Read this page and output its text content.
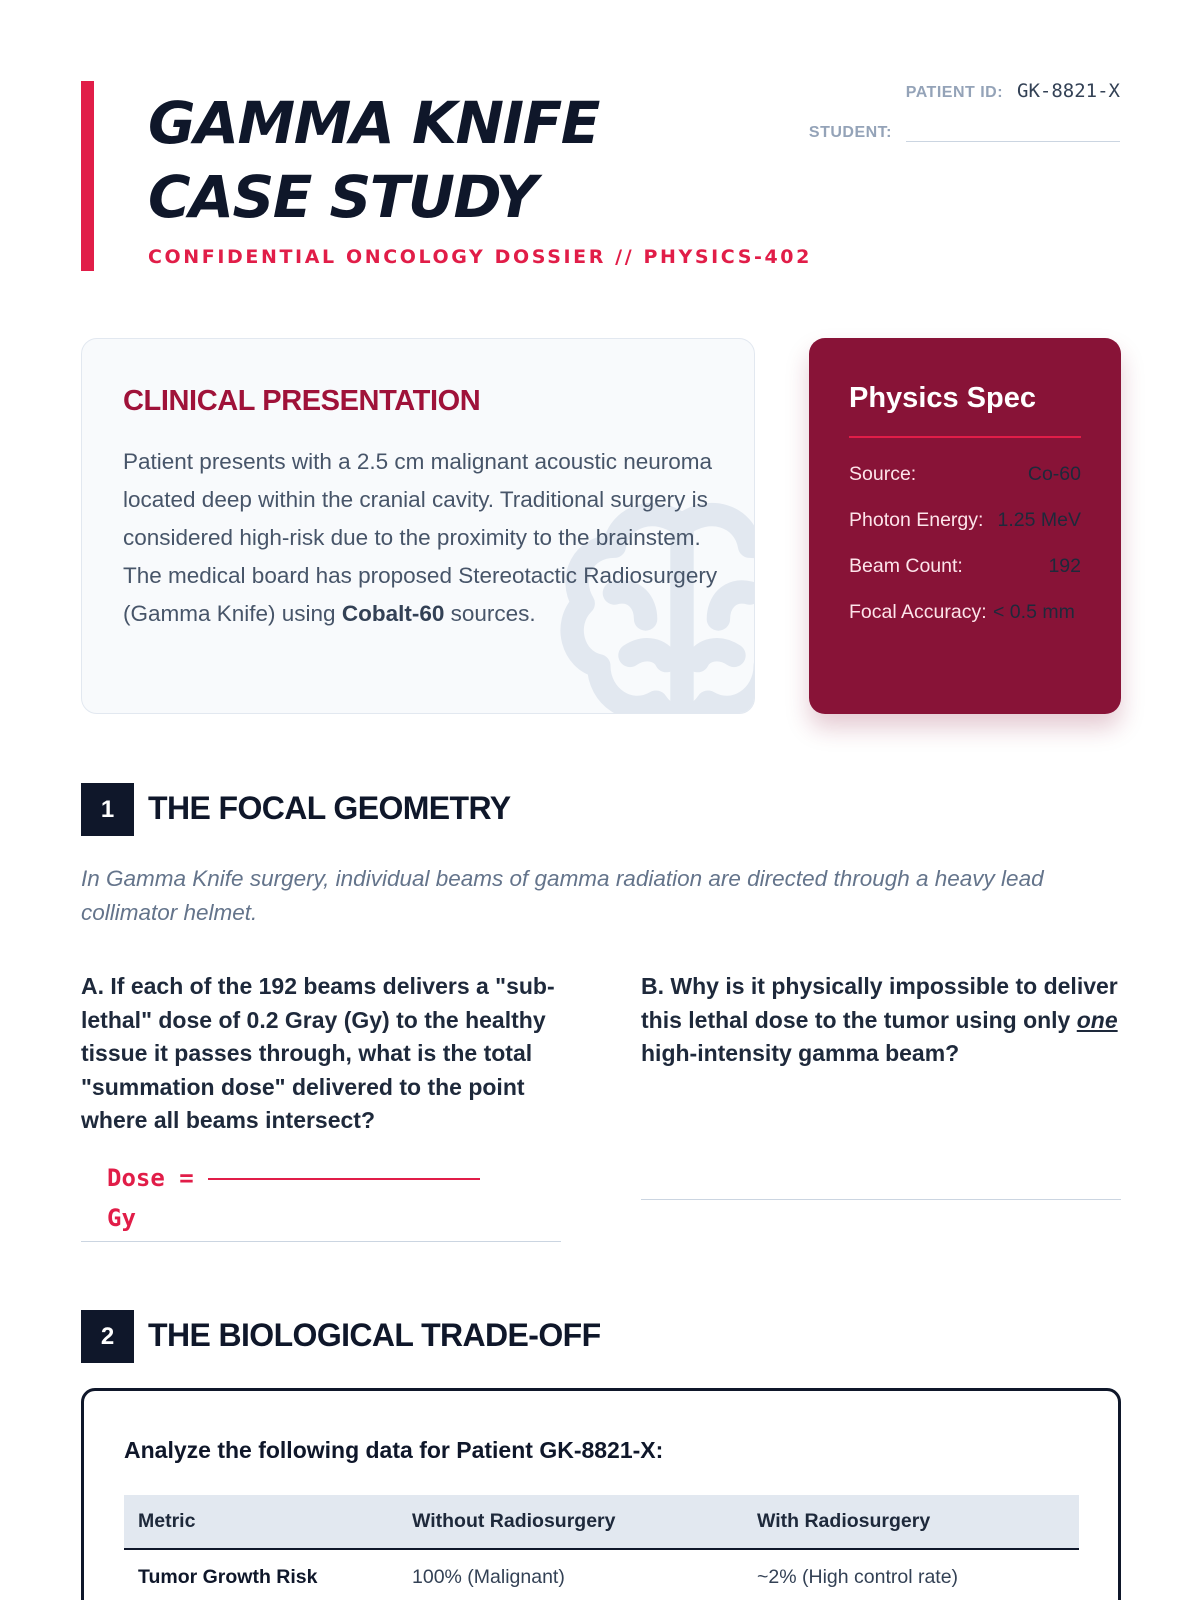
GAMMA KNIFE
CASE STUDY
CONFIDENTIAL ONCOLOGY DOSSIER // PHYSICS-402
PATIENT ID: GK-8821-X
STUDENT:
CLINICAL PRESENTATION

Patient presents with a 2.5 cm malignant acoustic neuroma located deep within the cranial cavity. Traditional surgery is considered high-risk due to the proximity to the brainstem. The medical board has proposed Stereotactic Radiosurgery (Gamma Knife) using Cobalt-60 sources.

Physics Spec
Source:	Co-60
Photon Energy: 1.25 MeV
Beam Count:	192
Focal Accuracy: < 0.5 mm
1	THE FOCAL GEOMETRY

In Gamma Knife surgery, individual beams of gamma radiation are directed through a heavy lead collimator helmet.

A. If each of the 192 beams delivers a "sub-lethal" dose of 0.2 Gray (Gy) to the healthy tissue it passes through, what is the total "summation dose" delivered to the point where all beams intersect?

B. Why is it physically impossible to deliver this lethal dose to the tumor using only one high-intensity gamma beam?

Dose =
Gy
2	THE BIOLOGICAL TRADE-OFF
Analyze the following data for Patient GK-8821-X:
Metric	Without Radiosurgery	With Radiosurgery
Tumor Growth Risk	100% (Malignant)	~2% (High control rate)
